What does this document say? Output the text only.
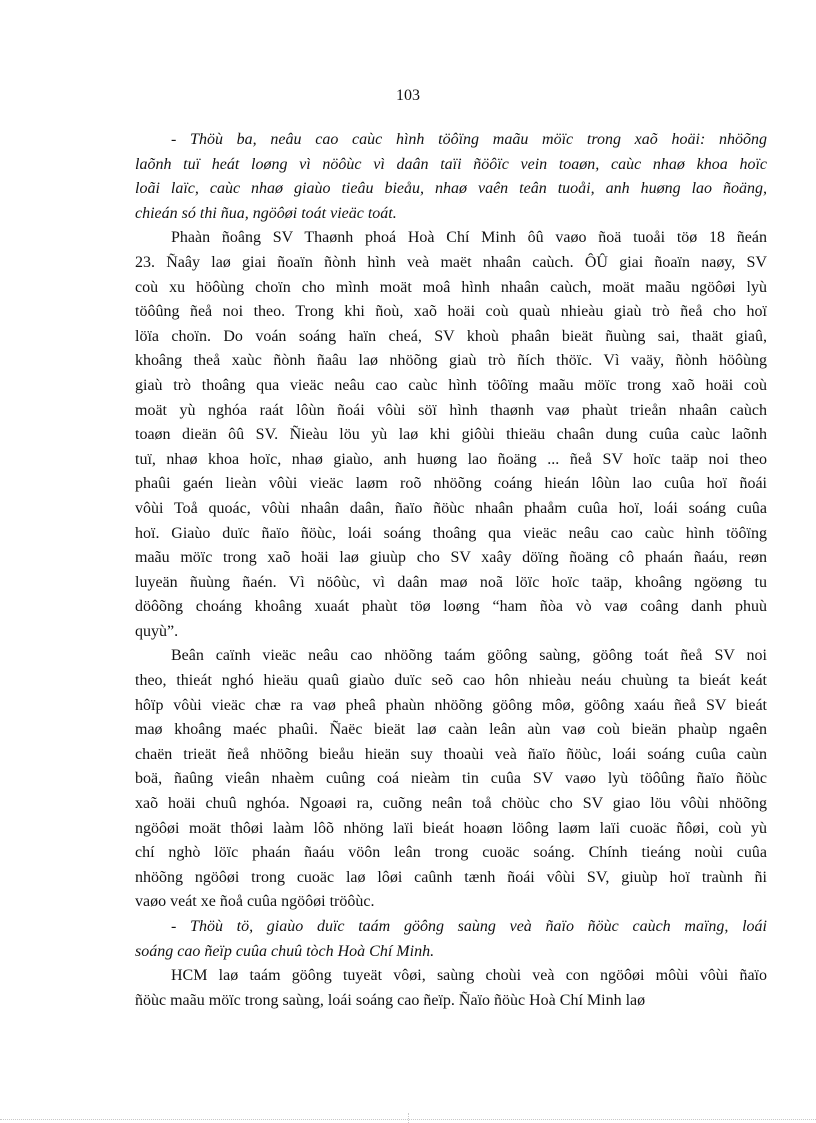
103
- Thöù ba, neâu cao caùc hình töôïng maãu möïc trong xaõ hoäi: nhöõng
laõnh tuï heát loøng vì nöôùc vì daân taïi ñöôïc vein toaøn, caùc nhaø khoa hoïc
loãi laïc, caùc nhaø giaùo tieâu bieåu, nhaø vaên teân tuoåi, anh huøng lao ñoäng,
chieán só thi ñua, ngöôøi toát vieäc toát.
Phaàn ñoâng SV Thaønh phoá Hoà Chí Minh ôû vaøo ñoä tuoåi töø 18 ñeán
23. Ñaây laø giai ñoaïn ñònh hình veà maët nhaân caùch. ÔÛ giai ñoaïn naøy, SV
coù xu höôùng choïn cho mình moät moâ hình nhaân caùch, moät maãu ngöôøi lyù
töôûng ñeå noi theo. Trong khi ñoù, xaõ hoäi coù quaù nhieàu giaù trò ñeå cho hoï
löïa choïn. Do voán soáng haïn cheá, SV khoù phaân bieät ñuùng sai, thaät giaû,
khoâng theå xaùc ñònh ñaâu laø nhöõng giaù trò ñích thöïc. Vì vaäy, ñònh höôùng
giaù trò thoâng qua vieäc neâu cao caùc hình töôïng maãu möïc trong xaõ hoäi coù
moät yù nghóa raát lôùn ñoái vôùi söï hình thaønh vaø phaùt trieån nhaân caùch
toaøn dieän ôû SV. Ñieàu löu yù laø khi giôùi thieäu chaân dung cuûa caùc laõnh
tuï, nhaø khoa hoïc, nhaø giaùo, anh huøng lao ñoäng ... ñeå SV hoïc taäp noi theo
phaûi gaén lieàn vôùi vieäc laøm roõ nhöõng coáng hieán lôùn lao cuûa hoï ñoái
vôùi Toå quoác, vôùi nhaân daân, ñaïo ñöùc nhaân phaåm cuûa hoï, loái soáng cuûa
hoï. Giaùo duïc ñaïo ñöùc, loái soáng thoâng qua vieäc neâu cao caùc hình töôïng
maãu möïc trong xaõ hoäi laø giuùp cho SV xaây döïng ñoäng cô phaán ñaáu, reøn
luyeän ñuùng ñaén. Vì nöôùc, vì daân maø noã löïc hoïc taäp, khoâng ngöøng tu
döôõng choáng khoâng xuaát phaùt töø loøng “ham ñòa vò vaø coâng danh phuù
quyù”.
Beân caïnh vieäc neâu cao nhöõng taám göông saùng, göông toát ñeå SV noi
theo, thieát nghó hieäu quaû giaùo duïc seõ cao hôn nhieàu neáu chuùng ta bieát keát
hôïp vôùi vieäc chæ ra vaø pheâ phaùn nhöõng göông môø, göông xaáu ñeå SV bieát
maø khoâng maéc phaûi. Ñaëc bieät laø caàn leân aùn vaø coù bieän phaùp ngaên
chaën trieät ñeå nhöõng bieåu hieän suy thoaùi veà ñaïo ñöùc, loái soáng cuûa caùn
boä, ñaûng vieân nhaèm cuûng coá nieàm tin cuûa SV vaøo lyù töôûng ñaïo ñöùc
xaõ hoäi chuû nghóa. Ngoaøi ra, cuõng neân toå chöùc cho SV giao löu vôùi nhöõng
ngöôøi moät thôøi laàm lôõ nhöng laïi bieát hoaøn löông laøm laïi cuoäc ñôøi, coù yù
chí nghò löïc phaán ñaáu vöôn leân trong cuoäc soáng. Chính tieáng noùi cuûa
nhöõng ngöôøi trong cuoäc laø lôøi caûnh tænh ñoái vôùi SV, giuùp hoï traùnh ñi
vaøo veát xe ñoå cuûa ngöôøi tröôùc.
- Thöù tö, giaùo duïc taám göông saùng veà ñaïo ñöùc caùch maïng, loái
soáng cao ñeïp cuûa chuû tòch Hoà Chí Minh.
HCM laø taám göông tuyeät vôøi, saùng choùi veà con ngöôøi môùi vôùi ñaïo
ñöùc maãu möïc trong saùng, loái soáng cao ñeïp. Ñaïo ñöùc Hoà Chí Minh laø
